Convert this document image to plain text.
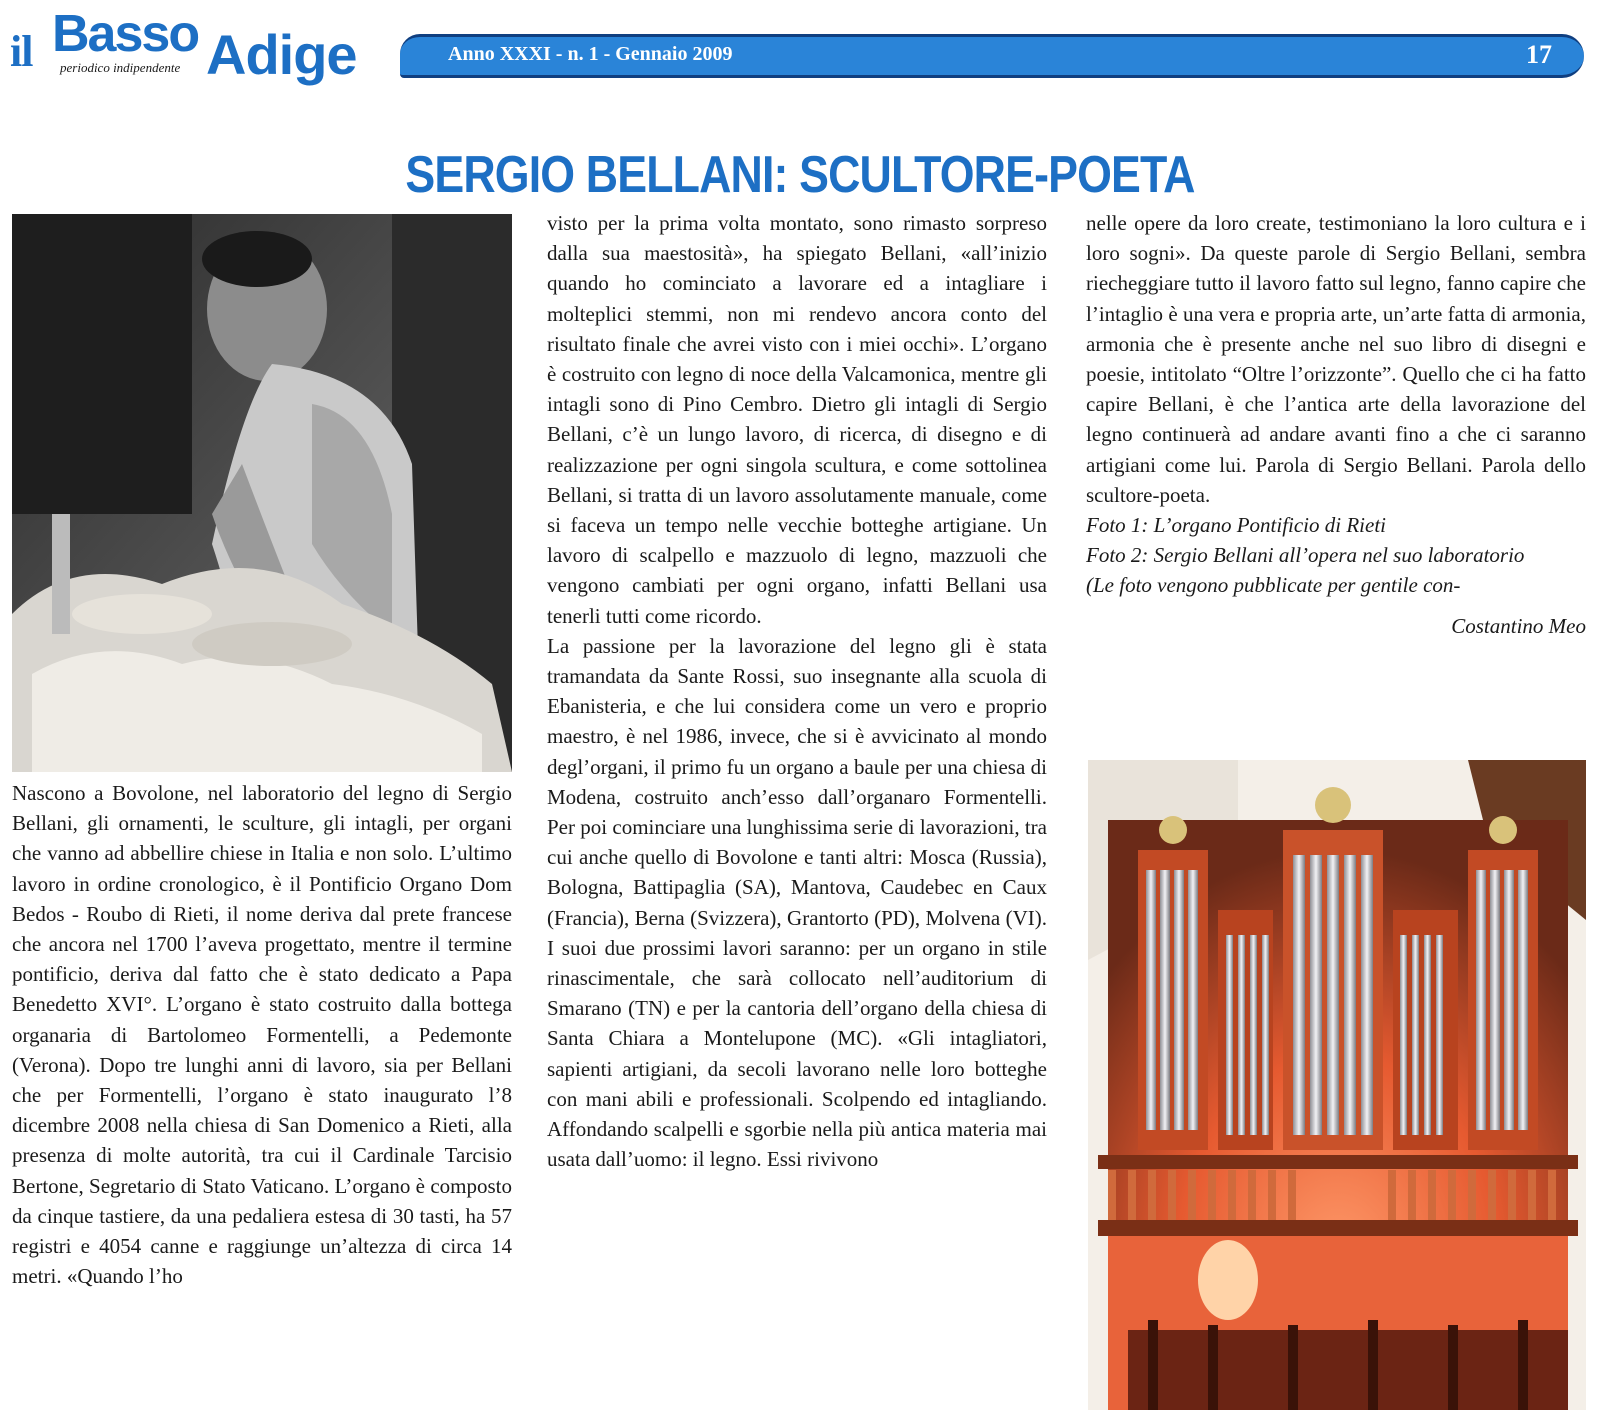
il Basso Adige
periodico indipendente
Anno XXXI - n. 1 - Gennaio 2009	17
SERGIO BELLANI: SCULTORE-POETA

Nascono a Bovolone, nel laboratorio del legno di Sergio Bellani, gli ornamenti, le sculture, gli intagli, per organi che vanno ad abbellire chiese in Italia e non solo. L’ultimo lavoro in ordine cronologico, è il Pontificio Organo Dom Bedos - Roubo di Rieti, il nome deriva dal prete francese che ancora nel 1700 l’aveva progettato, mentre il termine pontificio, deriva dal fatto che è stato dedicato a Papa Benedetto XVI°. L’organo è stato costruito dalla bottega organaria di Bartolomeo Formentelli, a Pedemonte (Verona). Dopo tre lunghi anni di lavoro, sia per Bellani che per Formentelli, l’organo è stato inaugurato l’8 dicembre 2008 nella chiesa di San Domenico a Rieti, alla presenza di molte autorità, tra cui il Cardinale Tarcisio Bertone, Segretario di Stato Vaticano. L’organo è composto da cinque tastiere, da una pedaliera estesa di 30 tasti, ha 57 registri e 4054 canne e raggiunge un’altezza di circa 14 metri. «Quando l’ho

visto per la prima volta montato, sono rimasto sorpreso dalla sua maestosità», ha spiegato Bellani, «all’inizio quando ho cominciato a lavorare ed a intagliare i molteplici stemmi, non mi rendevo ancora conto del risultato finale che avrei visto con i miei occhi». L’organo è costruito con legno di noce della Valcamonica, mentre gli intagli sono di Pino Cembro. Dietro gli intagli di Sergio Bellani, c’è un lungo lavoro, di ricerca, di disegno e di realizzazione per ogni singola scultura, e come sottolinea Bellani, si tratta di un lavoro assolutamente manuale, come si faceva un tempo nelle vecchie botteghe artigiane. Un lavoro di scalpello e mazzuolo di legno, mazzuoli che vengono cambiati per ogni organo, infatti Bellani usa tenerli tutti come ricordo.

La passione per la lavorazione del legno gli è stata tramandata da Sante Rossi, suo insegnante alla scuola di Ebanisteria, e che lui considera come un vero e proprio maestro, è nel 1986, invece, che si è avvicinato al mondo degl’organi, il primo fu un organo a baule per una chiesa di Modena, costruito anch’esso dall’organaro Formentelli. Per poi cominciare una lunghissima serie di lavorazioni, tra cui anche quello di Bovolone e tanti altri: Mosca (Russia), Bologna, Battipaglia (SA), Mantova, Caudebec en Caux (Francia), Berna (Svizzera), Grantorto (PD), Molvena (VI). I suoi due prossimi lavori saranno: per un organo in stile rinascimentale, che sarà collocato nell’auditorium di Smarano (TN) e per la cantoria dell’organo della chiesa di Santa Chiara a Montelupone (MC). «Gli intagliatori, sapienti artigiani, da secoli lavorano nelle loro botteghe con mani abili e professionali. Scolpendo ed intagliando. Affondando scalpelli e sgorbie nella più antica materia mai usata dall’uomo: il legno. Essi rivivono

nelle opere da loro create, testimoniano la loro cultura e i loro sogni». Da queste parole di Sergio Bellani, sembra riecheggiare tutto il lavoro fatto sul legno, fanno capire che l’intaglio è una vera e propria arte, un’arte fatta di armonia, armonia che è presente anche nel suo libro di disegni e poesie, intitolato “Oltre l’orizzonte”. Quello che ci ha fatto capire Bellani, è che l’antica arte della lavorazione del legno continuerà ad andare avanti fino a che ci saranno artigiani come lui. Parola di Sergio Bellani. Parola dello scultore-poeta.

Foto 1: L’organo Pontificio di Rieti

Foto 2: Sergio Bellani all’opera nel suo laboratorio

(Le foto vengono pubblicate per gentile con-

Costantino Meo
